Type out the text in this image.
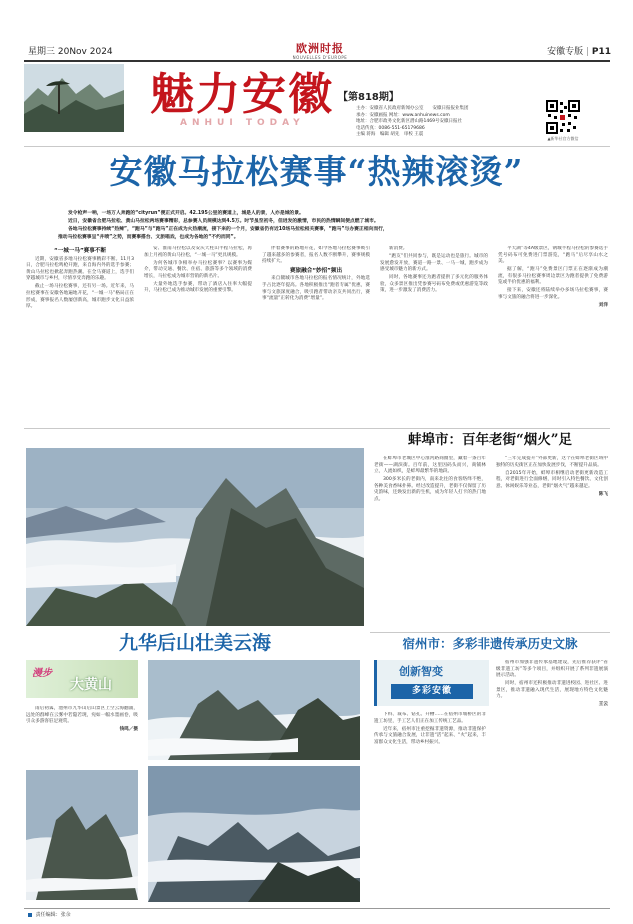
星期三 20Nov 2024	欧洲时报
NOUVELLES D'EUROPE
安徽专版 | P11
魅力安徽
ANHUI TODAY
【第818期】
主办：安徽省人民政府新闻办公室　　安徽日报报业集团
承办：安徽画报 网址：www.anhuinews.com
地址：合肥市政务文化新区潜山路1469号安徽日报社
电话传真：0086-551-65179686
主编 蒋海　编辑 胡先　审校 王震
▲新华社官方微信
安徽马拉松赛事“热辣滚烫”
发令枪声一响，一场万人奔跑的“cityrun”便正式开启。42.195公里的赛道上，城是人的景，人亦是城的景。
近日，安徽省合肥马拉松、黄山马拉松两场赛事精彩，总参赛人员规模达到4.5万。时节虽至初冬，但迸发的激情，市民的热情瞬间便点燃了城市。
各地马拉松赛事持续“热辣”，“跑马”与“跑马”正在成为火热潮流，接下来的一个月，安徽省仍有近10场马拉松相关赛事，“跑马”与办赛正相向而行，
推动马拉松赛事呈“井喷”之势，而赛事搭台、文旅唱戏，也成为各地的“不约而同”。
“一城一马”赛事不断

近期，安徽省多地马拉松赛事精彩不断。11月3日，合肥马拉松鸣枪开跑，来自海内外的选手参赛；黄山马拉松也掀起奔跑热潮。在全马赛道上，选手们穿越城市与乡村，尽情享受奔跑的乐趣。

截止一场马拉松赛事，还有另一场。近年来，马拉松赛事在安徽各地遍地开花，“一城一马”格局正在形成，赛事报名人数屡创新高，城市跑步文化日益浓厚。

安、淮南马拉松以及安庆天柱山半程马拉松，再加上月初的黄山马拉松，“一城一马”更具规模。

为何各城市争相举办马拉松赛事？以赛事为媒介，带动交通、餐饮、住宿、旅游等多个领域的消费增长，马拉松成为城市营销的新名片。

大量外地选手参赛，带动了酒店入住率大幅提升，马拉松已成为推动城市发展的重要引擎。

伴着赛事的路地开花，如今各地马拉松赛事吸引了越来越多的参赛者，报名人数不断攀升，赛事规模持续扩大。

赛旅融合“妙招”频出

来自赣城市各地马拉松的报名情况统计，外地选手占比逐年提高。各地积极推出“跑者专属”优惠，赛事与文旅深度融合，吸引跑者带动亲友共同出行，赛事“流量”正转化为消费“增量”。

新消费。

“跑友”们共同参与，既是运动也是旅行。城市的发展愈发开放，赛道一路一景、一马一城，跑步成为感受城市魅力的新方式。

同时，各地赛事还为跑者提供了多元化的服务体验，众多景区推出凭参赛号码布免费或优惠游览等政策，进一步激发了消费活力。

平天湖”等4A级景区，钢城半程马拉松的参赛选手凭号码布可免费进门票游览，“跑马”后尽享山水之美。

据了解，“跑马”免费景区门票正在逐渐成为潮流，有很多马拉松赛事周边景区为跑者提供了免费游览或半价优惠的福利。

接下来，安徽还将陆续举办多场马拉松赛事，赛事与文旅的融合将进一步深化。

刘洋
九华后山壮美云海
蚌埠市：百年老街“烟火”足

在蚌埠市老城区中心淮河路商圈里，藏着一条百年老街——湖滨街。百年前，这里因码头而兴，商铺林立，人流如织，是蚌埠最繁华的地段。

300多米长的老街内，南来北往的食客络绎不绝，各种美食香味扑鼻。经过改造提升，老街不仅保留了历史韵味，还焕发出新的生机，成为年轻人打卡的热门地点。

“三年完成提升”外部更新，这个在蚌埠老街区域中独特的历史街区正在加快发展步伐，不断提升品质。

自2015年开始，蚌埠市相继启动老街更新改造工程，对老街进行全面修缮，同时引入特色餐饮、文化创意、休闲娱乐等业态，老街“烟火气”越来越足。

陈飞
宿州市：多彩非遗传承历史文脉
创新智变
多彩安徽

下料、裁布、钻孔、开槽……在宿州市埇桥区的非遗工坊里，手工艺人们正在加工传统工艺品。

近年来，宿州市注重挖掘非遗资源，推动非遗保护传承与文旅融合发展，让非遗“活”起来、“火”起来，丰富群众文化生活，带动乡村振兴。

宿州市加强非遗传承基地建设，先后推荐获评“省级非遗工坊”等多个项目，并组织开展了系列非遗展演展示活动。

同时，宿州市还积极推动非遗进校园、进社区、进景区，推动非遗融入现代生活，展现地方特色文化魅力。

王云
漫步
大黄山

雨后初霁，池州市九华山后山景区上空云海翻涌，远处的群峰在云雾中若隐若现，宛如一幅水墨画卷，吸引众多游客驻足观赏。

钱鸣／摄
责任编辑：张余
